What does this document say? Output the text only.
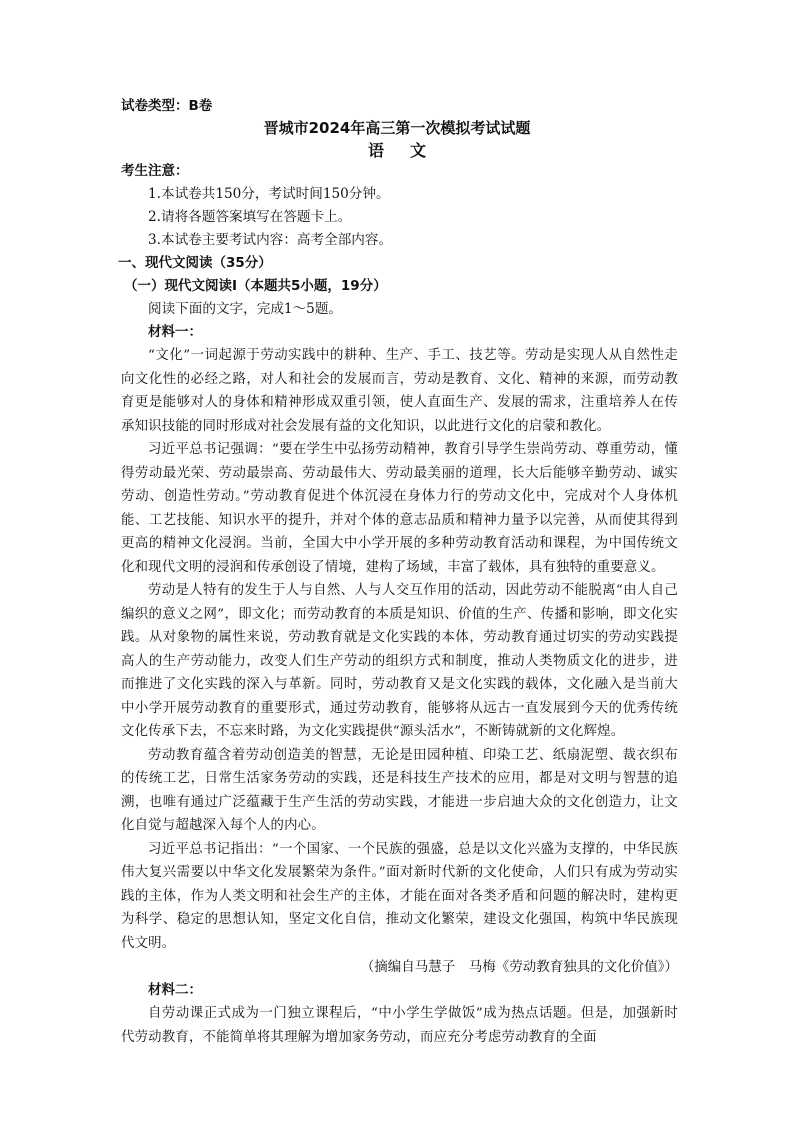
试卷类型：B卷
晋城市2024年高三第一次模拟考试试题
语文

考生注意：

1.本试卷共150分，考试时间150分钟。

2.请将各题答案填写在答题卡上。

3.本试卷主要考试内容：高考全部内容。

一、现代文阅读（35分）

（一）现代文阅读Ⅰ（本题共5小题，19分）

阅读下面的文字，完成1～5题。

材料一：

“文化”一词起源于劳动实践中的耕种、生产、手工、技艺等。劳动是实现人从自然性走向文化性的必经之路，对人和社会的发展而言，劳动是教育、文化、精神的来源，而劳动教育更是能够对人的身体和精神形成双重引领，使人直面生产、发展的需求，注重培养人在传承知识技能的同时形成对社会发展有益的文化知识，以此进行文化的启蒙和教化。

习近平总书记强调：“要在学生中弘扬劳动精神，教育引导学生崇尚劳动、尊重劳动，懂得劳动最光荣、劳动最崇高、劳动最伟大、劳动最美丽的道理，长大后能够辛勤劳动、诚实劳动、创造性劳动。”劳动教育促进个体沉浸在身体力行的劳动文化中，完成对个人身体机能、工艺技能、知识水平的提升，并对个体的意志品质和精神力量予以完善，从而使其得到更高的精神文化浸润。当前，全国大中小学开展的多种劳动教育活动和课程，为中国传统文化和现代文明的浸润和传承创设了情境，建构了场域，丰富了载体，具有独特的重要意义。

劳动是人特有的发生于人与自然、人与人交互作用的活动，因此劳动不能脱离“由人自己编织的意义之网”，即文化；而劳动教育的本质是知识、价值的生产、传播和影响，即文化实践。从对象物的属性来说，劳动教育就是文化实践的本体，劳动教育通过切实的劳动实践提高人的生产劳动能力，改变人们生产劳动的组织方式和制度，推动人类物质文化的进步，进而推进了文化实践的深入与革新。同时，劳动教育又是文化实践的载体，文化融入是当前大中小学开展劳动教育的重要形式，通过劳动教育，能够将从远古一直发展到今天的优秀传统文化传承下去，不忘来时路，为文化实践提供“源头活水”，不断铸就新的文化辉煌。

劳动教育蕴含着劳动创造美的智慧，无论是田园种植、印染工艺、纸扇泥塑、裁衣织布的传统工艺，日常生活家务劳动的实践，还是科技生产技术的应用，都是对文明与智慧的追溯，也唯有通过广泛蕴藏于生产生活的劳动实践，才能进一步启迪大众的文化创造力，让文化自觉与超越深入每个人的内心。

习近平总书记指出：“一个国家、一个民族的强盛，总是以文化兴盛为支撑的，中华民族伟大复兴需要以中华文化发展繁荣为条件。”面对新时代新的文化使命，人们只有成为劳动实践的主体，作为人类文明和社会生产的主体，才能在面对各类矛盾和问题的解决时，建构更为科学、稳定的思想认知，坚定文化自信，推动文化繁荣，建设文化强国，构筑中华民族现代文明。

（摘编自马慧子　马梅《劳动教育独具的文化价值》）

材料二：

自劳动课正式成为一门独立课程后，“中小学生学做饭”成为热点话题。但是，加强新时代劳动教育，不能简单将其理解为增加家务劳动，而应充分考虑劳动教育的全面
